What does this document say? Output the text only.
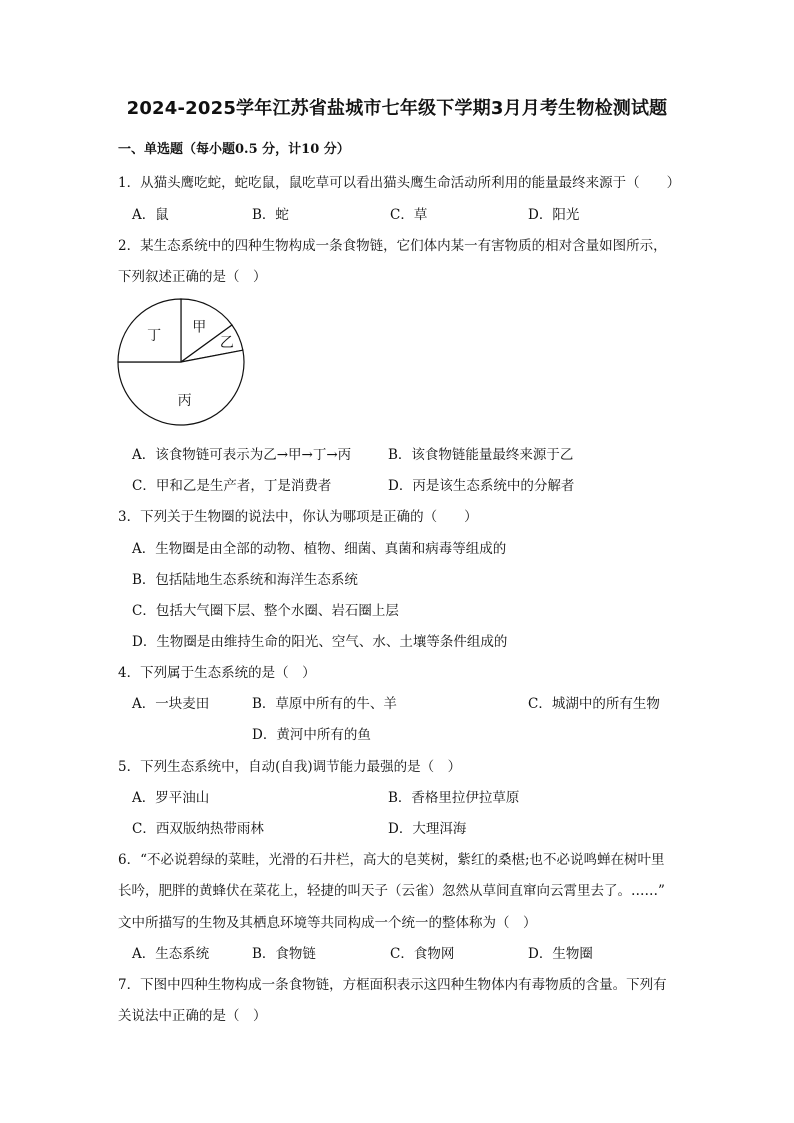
2024-2025学年江苏省盐城市七年级下学期3月月考生物检测试题
一、单选题（每小题0.5 分，计10 分）
1．从猫头鹰吃蛇，蛇吃鼠，鼠吃草可以看出猫头鹰生命活动所利用的能量最终来源于（　　）
A．鼠	B．蛇	C．草	D．阳光
2．某生态系统中的四种生物构成一条食物链，它们体内某一有害物质的相对含量如图所示，
下列叙述正确的是（　）
甲
乙
丙
丁
A．该食物链可表示为乙→甲→丁→丙	B．该食物链能量最终来源于乙
C．甲和乙是生产者，丁是消费者	D．丙是该生态系统中的分解者
3．下列关于生物圈的说法中，你认为哪项是正确的（　　）
A．生物圈是由全部的动物、植物、细菌、真菌和病毒等组成的
B．包括陆地生态系统和海洋生态系统
C．包括大气圈下层、整个水圈、岩石圈上层
D．生物圈是由维持生命的阳光、空气、水、土壤等条件组成的
4．下列属于生态系统的是（　）
A．一块麦田	B．草原中所有的牛、羊	C．城湖中的所有生物
D．黄河中所有的鱼
5．下列生态系统中，自动(自我)调节能力最强的是（　）
A．罗平油山	B．香格里拉伊拉草原
C．西双版纳热带雨林	D．大理洱海
6．“不必说碧绿的菜畦，光滑的石井栏，高大的皂荚树，紫红的桑椹;也不必说鸣蝉在树叶里
长吟，肥胖的黄蜂伏在菜花上，轻捷的叫天子（云雀）忽然从草间直窜向云霄里去了。……”
文中所描写的生物及其栖息环境等共同构成一个统一的整体称为（　）
A．生态系统	B．食物链	C．食物网	D．生物圈
7．下图中四种生物构成一条食物链，方框面积表示这四种生物体内有毒物质的含量。下列有
关说法中正确的是（　）
